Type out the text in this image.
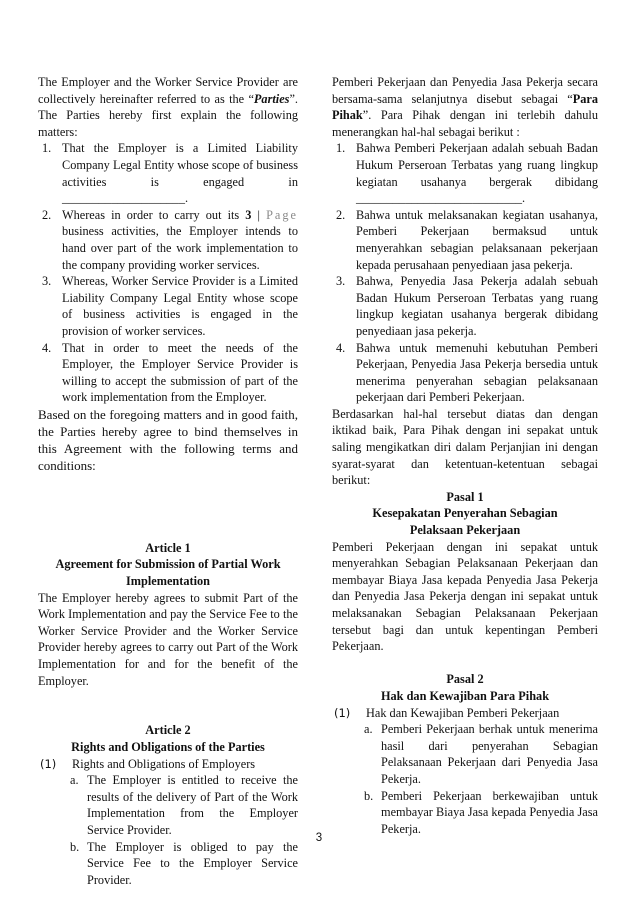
The Employer and the Worker Service Provider are collectively hereinafter referred to as the “Parties”. The Parties hereby first explain the following matters:

1. That the Employer is a Limited Liability Company Legal Entity whose scope of business activities is engaged in ____________________.
2. Whereas in order to carry out its 3 | Page business activities, the Employer intends to hand over part of the work implementation to the company providing worker services.
3. Whereas, Worker Service Provider is a Limited Liability Company Legal Entity whose scope of business activities is engaged in the provision of worker services.
4. That in order to meet the needs of the Employer, the Employer Service Provider is willing to accept the submission of part of the work implementation from the Employer.

Based on the foregoing matters and in good faith, the Parties hereby agree to bind themselves in this Agreement with the following terms and conditions:

Article 1
Agreement for Submission of Partial Work Implementation

The Employer hereby agrees to submit Part of the Work Implementation and pay the Service Fee to the Worker Service Provider and the Worker Service Provider hereby agrees to carry out Part of the Work Implementation for and for the benefit of the Employer.

Article 2
Rights and Obligations of the Parties
(1) Rights and Obligations of Employers
a. The Employer is entitled to receive the results of the delivery of Part of the Work Implementation from the Employer Service Provider.
b. The Employer is obliged to pay the Service Fee to the Employer Service Provider.

Pemberi Pekerjaan dan Penyedia Jasa Pekerja secara bersama-sama selanjutnya disebut sebagai “Para Pihak”. Para Pihak dengan ini terlebih dahulu menerangkan hal-hal sebagai berikut :

1. Bahwa Pemberi Pekerjaan adalah sebuah Badan Hukum Perseroan Terbatas yang ruang lingkup kegiatan usahanya bergerak dibidang ___________________________.
2. Bahwa untuk melaksanakan kegiatan usahanya, Pemberi Pekerjaan bermaksud untuk menyerahkan sebagian pelaksanaan pekerjaan kepada perusahaan penyediaan jasa pekerja.
3. Bahwa, Penyedia Jasa Pekerja adalah sebuah Badan Hukum Perseroan Terbatas yang ruang lingkup kegiatan usahanya bergerak dibidang penyediaan jasa pekerja.
4. Bahwa untuk memenuhi kebutuhan Pemberi Pekerjaan, Penyedia Jasa Pekerja bersedia untuk menerima penyerahan sebagian pelaksanaan pekerjaan dari Pemberi Pekerjaan.

Berdasarkan hal-hal tersebut diatas dan dengan iktikad baik, Para Pihak dengan ini sepakat untuk saling mengikatkan diri dalam Perjanjian ini dengan syarat-syarat dan ketentuan-ketentuan sebagai berikut:

Pasal 1
Kesepakatan Penyerahan Sebagian
Pelaksaan Pekerjaan

Pemberi Pekerjaan dengan ini sepakat untuk menyerahkan Sebagian Pelaksanaan Pekerjaan dan membayar Biaya Jasa kepada Penyedia Jasa Pekerja dan Penyedia Jasa Pekerja dengan ini sepakat untuk melaksanakan Sebagian Pelaksanaan Pekerjaan tersebut bagi dan untuk kepentingan Pemberi Pekerjaan.

Pasal 2
Hak dan Kewajiban Para Pihak
(1) Hak dan Kewajiban Pemberi Pekerjaan
a. Pemberi Pekerjaan berhak untuk menerima hasil dari penyerahan Sebagian Pelaksanaan Pekerjaan dari Penyedia Jasa Pekerja.
b. Pemberi Pekerjaan berkewajiban untuk membayar Biaya Jasa kepada Penyedia Jasa Pekerja.
3
